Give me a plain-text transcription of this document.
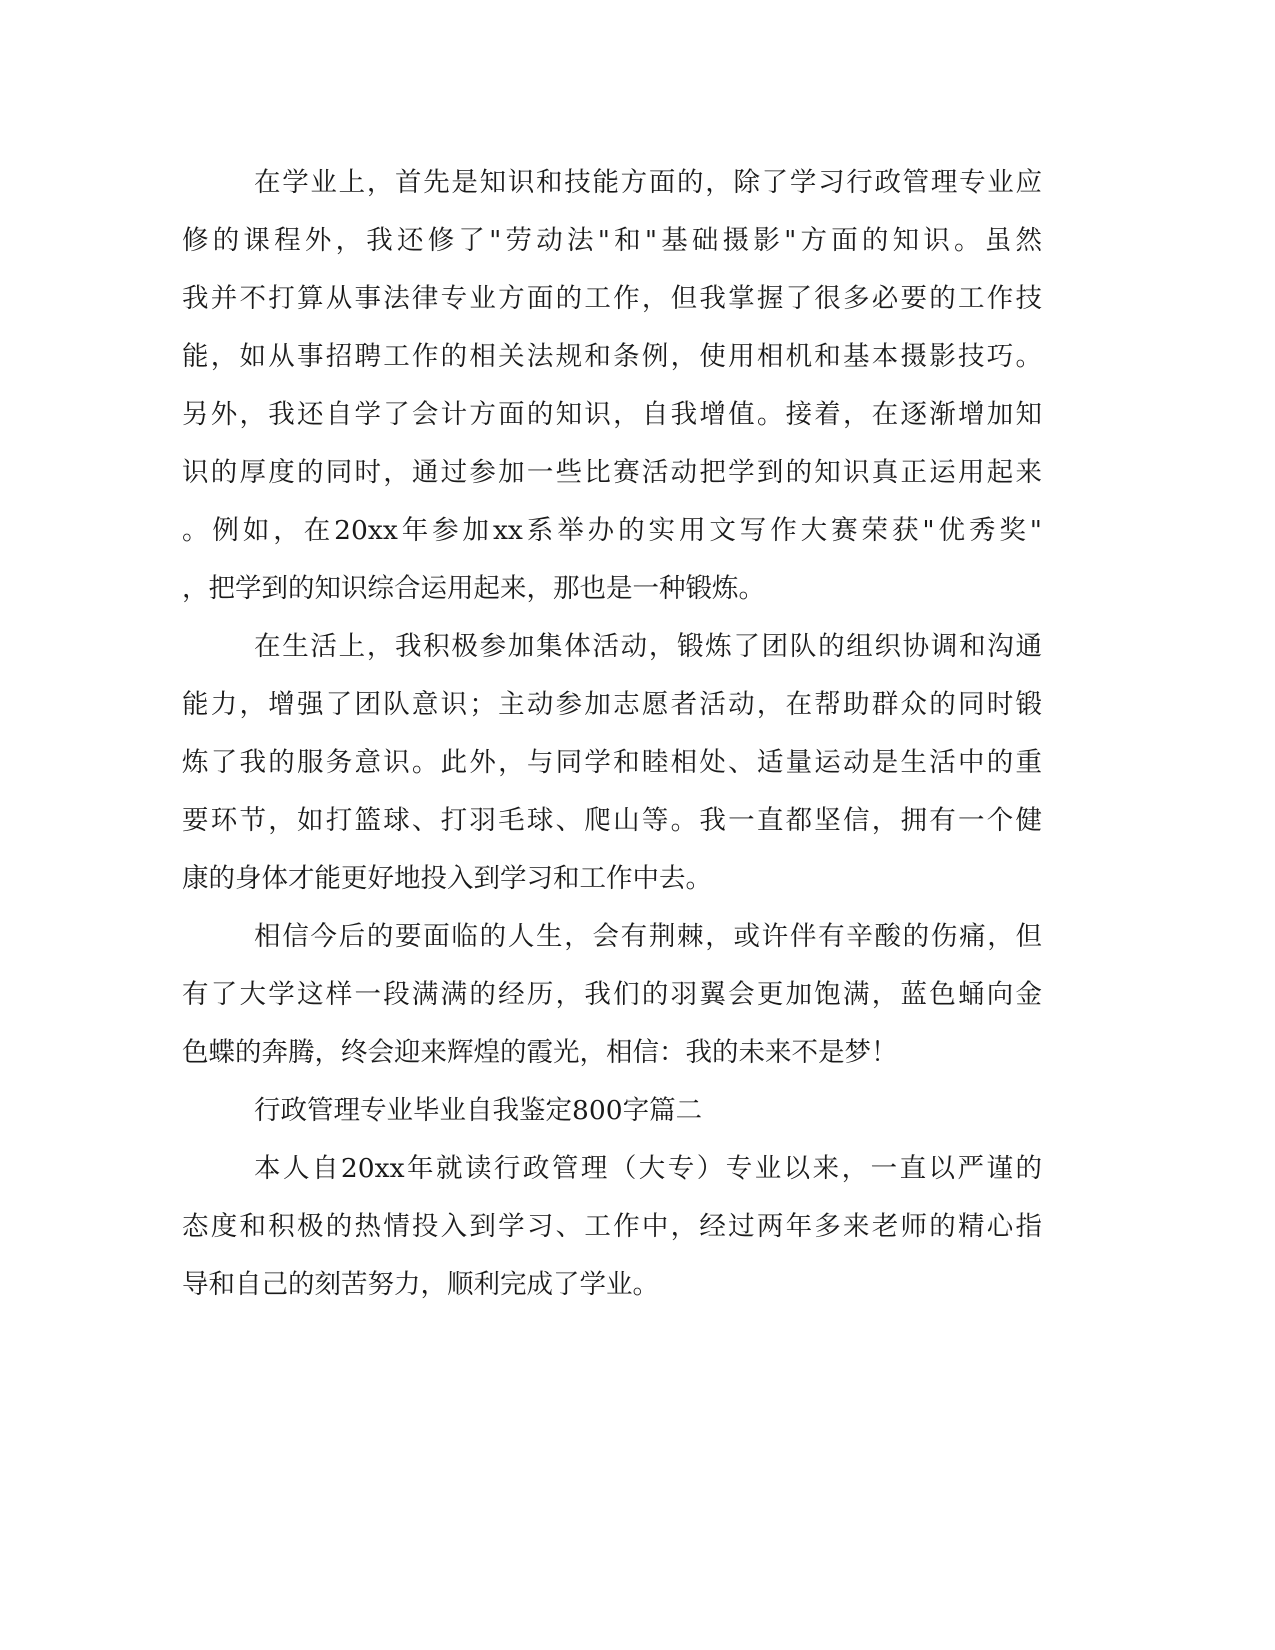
在学业上，首先是知识和技能方面的，除了学习行政管理专业应
修的课程外，我还修了"劳动法"和"基础摄影"方面的知识。虽然
我并不打算从事法律专业方面的工作，但我掌握了很多必要的工作技
能，如从事招聘工作的相关法规和条例，使用相机和基本摄影技巧。
另外，我还自学了会计方面的知识，自我增值。接着，在逐渐增加知
识的厚度的同时，通过参加一些比赛活动把学到的知识真正运用起来
。例如，在20xx年参加xx系举办的实用文写作大赛荣获"优秀奖"
，把学到的知识综合运用起来，那也是一种锻炼。
在生活上，我积极参加集体活动，锻炼了团队的组织协调和沟通
能力，增强了团队意识；主动参加志愿者活动，在帮助群众的同时锻
炼了我的服务意识。此外，与同学和睦相处、适量运动是生活中的重
要环节，如打篮球、打羽毛球、爬山等。我一直都坚信，拥有一个健
康的身体才能更好地投入到学习和工作中去。
相信今后的要面临的人生，会有荆棘，或许伴有辛酸的伤痛，但
有了大学这样一段满满的经历，我们的羽翼会更加饱满，蓝色蛹向金
色蝶的奔腾，终会迎来辉煌的霞光，相信：我的未来不是梦！
行政管理专业毕业自我鉴定800字篇二
本人自20xx年就读行政管理（大专）专业以来，一直以严谨的
态度和积极的热情投入到学习、工作中，经过两年多来老师的精心指
导和自己的刻苦努力，顺利完成了学业。
